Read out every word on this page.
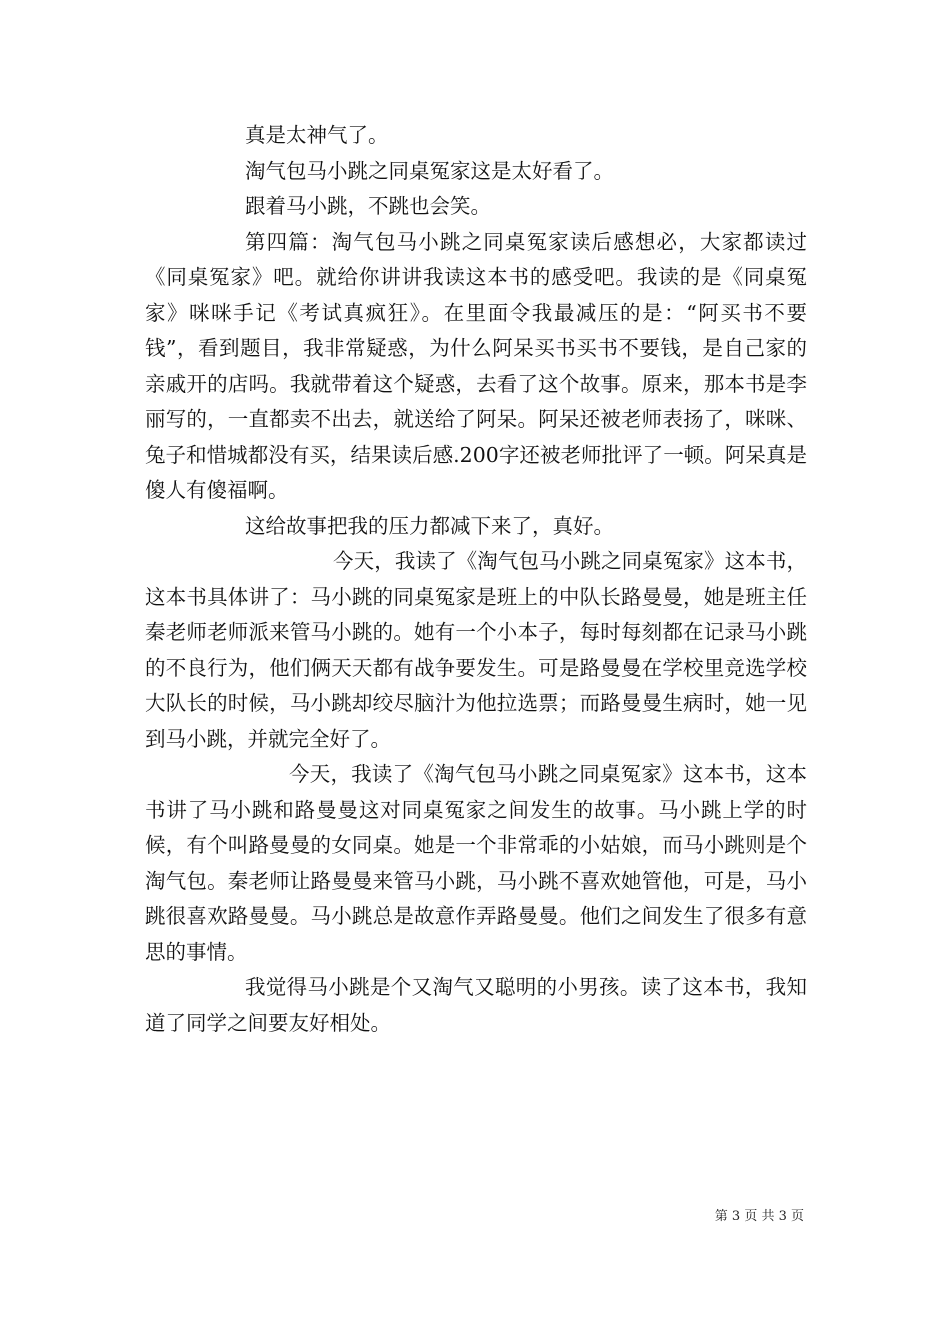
真是太神气了。

淘气包马小跳之同桌冤家这是太好看了。

跟着马小跳，不跳也会笑。

第四篇：淘气包马小跳之同桌冤家读后感想必，大家都读过《同桌冤家》吧。就给你讲讲我读这本书的感受吧。我读的是《同桌冤家》咪咪手记《考试真疯狂》。在里面令我最减压的是：“阿买书不要钱”，看到题目，我非常疑惑，为什么阿呆买书买书不要钱，是自己家的亲戚开的店吗。我就带着这个疑惑，去看了这个故事。原来，那本书是李丽写的，一直都卖不出去，就送给了阿呆。阿呆还被老师表扬了，咪咪、兔子和惜城都没有买，结果读后感.200字还被老师批评了一顿。阿呆真是傻人有傻福啊。

这给故事把我的压力都减下来了，真好。

今天，我读了《淘气包马小跳之同桌冤家》这本书，这本书具体讲了：马小跳的同桌冤家是班上的中队长路曼曼，她是班主任秦老师老师派来管马小跳的。她有一个小本子，每时每刻都在记录马小跳的不良行为，他们俩天天都有战争要发生。可是路曼曼在学校里竞选学校大队长的时候，马小跳却绞尽脑汁为他拉选票；而路曼曼生病时，她一见到马小跳，并就完全好了。

今天，我读了《淘气包马小跳之同桌冤家》这本书，这本书讲了马小跳和路曼曼这对同桌冤家之间发生的故事。马小跳上学的时候，有个叫路曼曼的女同桌。她是一个非常乖的小姑娘，而马小跳则是个淘气包。秦老师让路曼曼来管马小跳，马小跳不喜欢她管他，可是，马小跳很喜欢路曼曼。马小跳总是故意作弄路曼曼。他们之间发生了很多有意思的事情。

我觉得马小跳是个又淘气又聪明的小男孩。读了这本书，我知道了同学之间要友好相处。

第 3 页 共 3 页
